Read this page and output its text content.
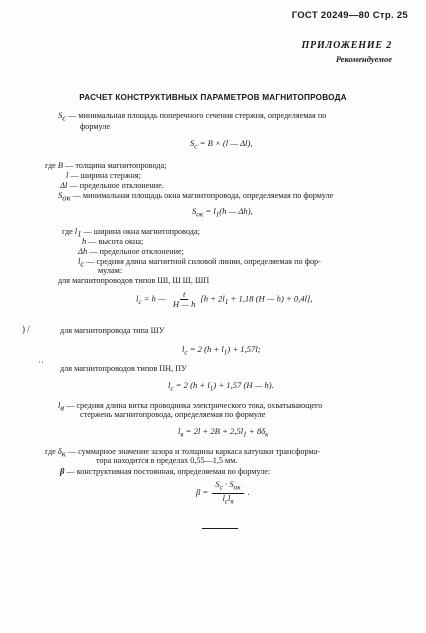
ГОСТ 20249—80 Стр. 25
ПРИЛОЖЕНИЕ 2
Рекомендуемое
РАСЧЕТ КОНСТРУКТИВНЫХ ПАРАМЕТРОВ МАГНИТОПРОВОДА
$S_c$ — минимальная площадь поперечного сечения стержня, определяемая по
формуле
$S_c = B \times (l$ — Δl),
где B — толщина магнитопровода;
l — ширина стержня;
Δl — предельное отклонение.
$S_{ок}$ — минимальная площадь окна магнитопровода, определяемая по формуле
$S_{ок} = l_1(h$ — Δh),
где $l_1$ — ширина окна магнитопровода;
h — высота окна;
Δh — предельное отклонение;
$l_c$ — средняя длина магнитной силовой линии, определяемая по фор-
мулам:
для магнитопроводов типов ШI, Ш Ш, ШП
$l_c = h$ — $\frac{t}{H — h} [h + 2l_1 + 1,18$ (H — h) + 0,4l],
) /	для магнитопровода типа ШУ
$l_c = 2$ $(h + l_1) + 1,57l$;
˙˙ для магнитопроводов типов ПН, ПУ
$l_c = 2$ $(h + l_1) + 1,57$ (H — h).
$l_в$ — средняя длина витка проводника электрического тока, охватывающего
стержень магнитопровода, определяемая по формуле
$l_в = 2l + 2B + 2,5l_1 + 8\delta_к$
где $\delta_к$ — суммарное значение зазора и толщины каркаса катушки трансформа-
тора находится в пределах 0,55—1,5 мм.
β — конструктивная постоянная, определяемая по формуле:
$\beta = \frac{S_c \cdot S_{ок}}{l_cl_в}$ .
